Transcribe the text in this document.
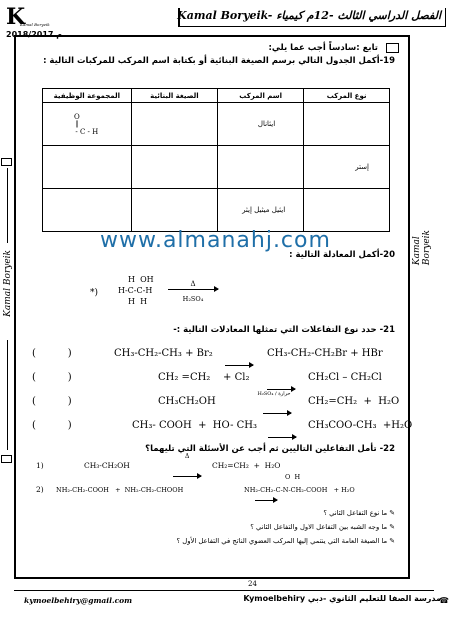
K
Kamal Boryeik
2018/2017 م
Kamal Boryeik- الفصل الدراسي الثالث -12م كيمياء
Kamal Boryeik	Kamal Boryeik
تابع :سادساً أجب عما يلي:
19-أكمل الجدول التالي برسم الصيغة البنائية أو بكتابة اسم المركب للمركبات التالية :
المجموعة الوظيفية	الصيغة البنائية	اسم المركب	نوع المركب

O
║
- C - H		ايثانال	
			إستر
		ايثيل ميثيل إيثر	
20-أكمل المعادلة التالية :
*)
H  OH
H-C-C-H
H  H
Δ
H₂SO₄
www.almanahj.com
21- حدد نوع التفاعلات التي تمثلها المعادلات التالية :-
(          )	CH₃-CH₂-CH₃ + Br₂	CH₃-CH₂-CH₂Br + HBr
(          )	CH₂ =CH₂    + Cl₂	CH₂Cl – CH₂Cl
(          )	CH₃CH₂OH
H₂SO₄ / حرارة
CH₂=CH₂  +  H₂O
(          )	CH₃- COOH  +  HO- CH₃	CH₃COO-CH₃  +H₂O
22- تأمل التفاعلين التاليين ثم أجب عن الأسئلة التي تليهما؟
1)	CH₃-CH₂OH
Δ

CH₂=CH₂  +  H₂O
2) NH₂-CH₂-COOH   +  NH₂-CH₂-CHOOH
O  H
NH₂-CH₂-C-N-CH₂-COOH   + H₂O
✎ ما نوع التفاعل الثاني ؟
✎ ما وجه الشبه بين التفاعل الاول والتفاعل الثاني ؟
✎ ما الصيغة العامة التي ينتمي إليها المركب العضوي الناتج في التفاعل الأول ؟
24
kymoelbehiry@gmail.com	Kymoelbehiry مدرسة الصفا للتعليم الثانوي -دبي
☎
